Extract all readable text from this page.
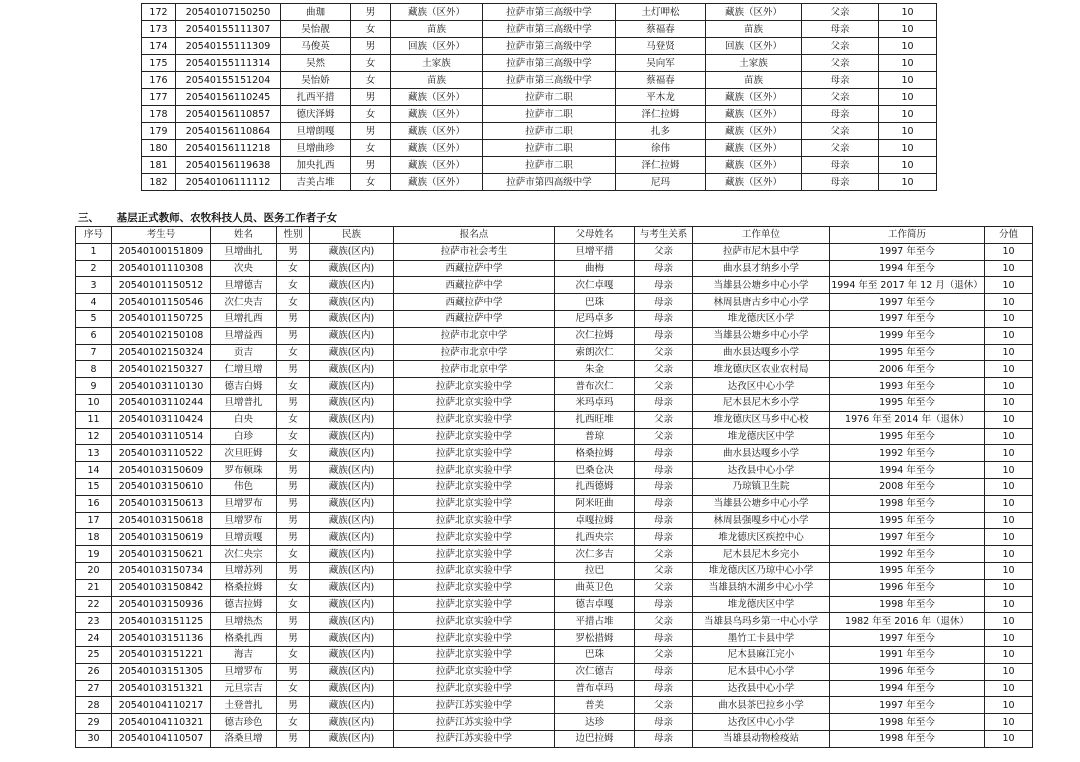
172	20540107150250	曲珈	男	藏族（区外）	拉萨市第三高级中学	土灯呷松	藏族（区外）	父亲	10
173	20540155111307	吴怡靓	女	苗族	拉萨市第三高级中学	蔡福春	苗族	母亲	10
174	20540155111309	马俊英	男	回族（区外）	拉萨市第三高级中学	马登贤	回族（区外）	父亲	10
175	20540155111314	吴然	女	土家族	拉萨市第三高级中学	吴向军	土家族	父亲	10
176	20540155151204	吴怡娇	女	苗族	拉萨市第三高级中学	蔡福春	苗族	母亲	10
177	20540156110245	扎西平措	男	藏族（区外）	拉萨市二职	平木龙	藏族（区外）	父亲	10
178	20540156110857	德庆泽姆	女	藏族（区外）	拉萨市二职	泽仁拉姆	藏族（区外）	母亲	10
179	20540156110864	旦增朗嘎	男	藏族（区外）	拉萨市二职	扎多	藏族（区外）	父亲	10
180	20540156111218	旦增曲珍	女	藏族（区外）	拉萨市二职	徐伟	藏族（区外）	父亲	10
181	20540156119638	加央扎西	男	藏族（区外）	拉萨市二职	泽仁拉姆	藏族（区外）	母亲	10
182	20540106111112	吉美占堆	女	藏族（区外）	拉萨市第四高级中学	尼玛	藏族（区外）	母亲	10
三、 基层正式教师、农牧科技人员、医务工作者子女
序号	考生号	姓名	性别	民族	报名点	父母姓名	与考生关系	工作单位	工作简历	分值
1	20540100151809	旦增曲扎	男	藏族(区内)	拉萨市社会考生	旦增平措	父亲	拉萨市尼木县中学	1997 年至今	10
2	20540101110308	次央	女	藏族(区内)	西藏拉萨中学	曲梅	母亲	曲水县才纳乡小学	1994 年至今	10
3	20540101150512	旦增德吉	女	藏族(区内)	西藏拉萨中学	次仁卓嘎	母亲	当雄县公塘乡中心小学	1994 年至 2017 年 12 月（退休）	10
4	20540101150546	次仁央吉	女	藏族(区内)	西藏拉萨中学	巴珠	母亲	林周县唐古乡中心小学	1997 年至今	10
5	20540101150725	旦增扎西	男	藏族(区内)	西藏拉萨中学	尼玛卓多	母亲	堆龙德庆区小学	1997 年至今	10
6	20540102150108	旦增益西	男	藏族(区内)	拉萨市北京中学	次仁拉姆	母亲	当雄县公塘乡中心小学	1999 年至今	10
7	20540102150324	贡吉	女	藏族(区内)	拉萨市北京中学	索朗次仁	父亲	曲水县达嘎乡小学	1995 年至今	10
8	20540102150327	仁增旦增	男	藏族(区内)	拉萨市北京中学	朱金	父亲	堆龙德庆区农业农村局	2006 年至今	10
9	20540103110130	德吉白姆	女	藏族(区内)	拉萨北京实验中学	普布次仁	父亲	达孜区中心小学	1993 年至今	10
10	20540103110244	旦增普扎	男	藏族(区内)	拉萨北京实验中学	米玛卓玛	母亲	尼木县尼木乡小学	1995 年至今	10
11	20540103110424	白央	女	藏族(区内)	拉萨北京实验中学	扎西旺堆	父亲	堆龙德庆区马乡中心校	1976 年至 2014 年（退休）	10
12	20540103110514	白珍	女	藏族(区内)	拉萨北京实验中学	普琼	父亲	堆龙德庆区中学	1995 年至今	10
13	20540103110522	次旦旺姆	女	藏族(区内)	拉萨北京实验中学	格桑拉姆	母亲	曲水县达嘎乡小学	1992 年至今	10
14	20540103150609	罗布顿珠	男	藏族(区内)	拉萨北京实验中学	巴桑仓决	母亲	达孜县中心小学	1994 年至今	10
15	20540103150610	伟色	男	藏族(区内)	拉萨北京实验中学	扎西德姆	母亲	乃琼镇卫生院	2008 年至今	10
16	20540103150613	旦增罗布	男	藏族(区内)	拉萨北京实验中学	阿米旺曲	母亲	当雄县公塘乡中心小学	1998 年至今	10
17	20540103150618	旦增罗布	男	藏族(区内)	拉萨北京实验中学	卓嘎拉姆	母亲	林周县强嘎乡中心小学	1995 年至今	10
18	20540103150619	旦增贡嘎	男	藏族(区内)	拉萨北京实验中学	扎西央宗	母亲	堆龙德庆区疾控中心	1997 年至今	10
19	20540103150621	次仁央宗	女	藏族(区内)	拉萨北京实验中学	次仁多吉	父亲	尼木县尼木乡完小	1992 年至今	10
20	20540103150734	旦增苏列	男	藏族(区内)	拉萨北京实验中学	拉巴	父亲	堆龙德庆区乃琼中心小学	1995 年至今	10
21	20540103150842	格桑拉姆	女	藏族(区内)	拉萨北京实验中学	曲英卫色	父亲	当雄县纳木湖乡中心小学	1996 年至今	10
22	20540103150936	德吉拉姆	女	藏族(区内)	拉萨北京实验中学	德吉卓嘎	母亲	堆龙德庆区中学	1998 年至今	10
23	20540103151125	旦增热杰	男	藏族(区内)	拉萨北京实验中学	平措占堆	父亲	当雄县乌玛乡第一中心小学	1982 年至 2016 年（退休）	10
24	20540103151136	格桑扎西	男	藏族(区内)	拉萨北京实验中学	罗松措姆	母亲	墨竹工卡县中学	1997 年至今	10
25	20540103151221	海吉	女	藏族(区内)	拉萨北京实验中学	巴珠	父亲	尼木县麻江完小	1991 年至今	10
26	20540103151305	旦增罗布	男	藏族(区内)	拉萨北京实验中学	次仁德吉	母亲	尼木县中心小学	1996 年至今	10
27	20540103151321	元旦宗吉	女	藏族(区内)	拉萨北京实验中学	普布卓玛	母亲	达孜县中心小学	1994 年至今	10
28	20540104110217	土登普扎	男	藏族(区内)	拉萨江苏实验中学	普美	父亲	曲水县茶巴拉乡小学	1997 年至今	10
29	20540104110321	德吉珍色	女	藏族(区内)	拉萨江苏实验中学	达珍	母亲	达孜区中心小学	1998 年至今	10
30	20540104110507	洛桑旦增	男	藏族(区内)	拉萨江苏实验中学	边巴拉姆	母亲	当雄县动物检疫站	1998 年至今	10
